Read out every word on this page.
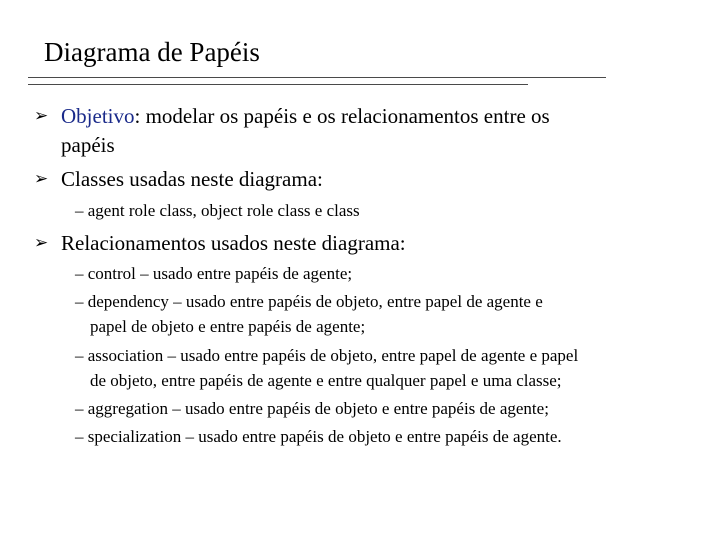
Diagrama de Papéis
➢ Objetivo: modelar os papéis e os relacionamentos entre os
papéis
➢ Classes usadas neste diagrama:
– agent role class, object role class e class
➢ Relacionamentos usados neste diagrama:
– control – usado entre papéis de agente;
– dependency – usado entre papéis de objeto, entre papel de agente e
papel de objeto e entre papéis de agente;
– association – usado entre papéis de objeto, entre papel de agente e papel
de objeto, entre papéis de agente e entre qualquer papel e uma classe;
– aggregation – usado entre papéis de objeto e entre papéis de agente;
– specialization – usado entre papéis de objeto e entre papéis de agente.
